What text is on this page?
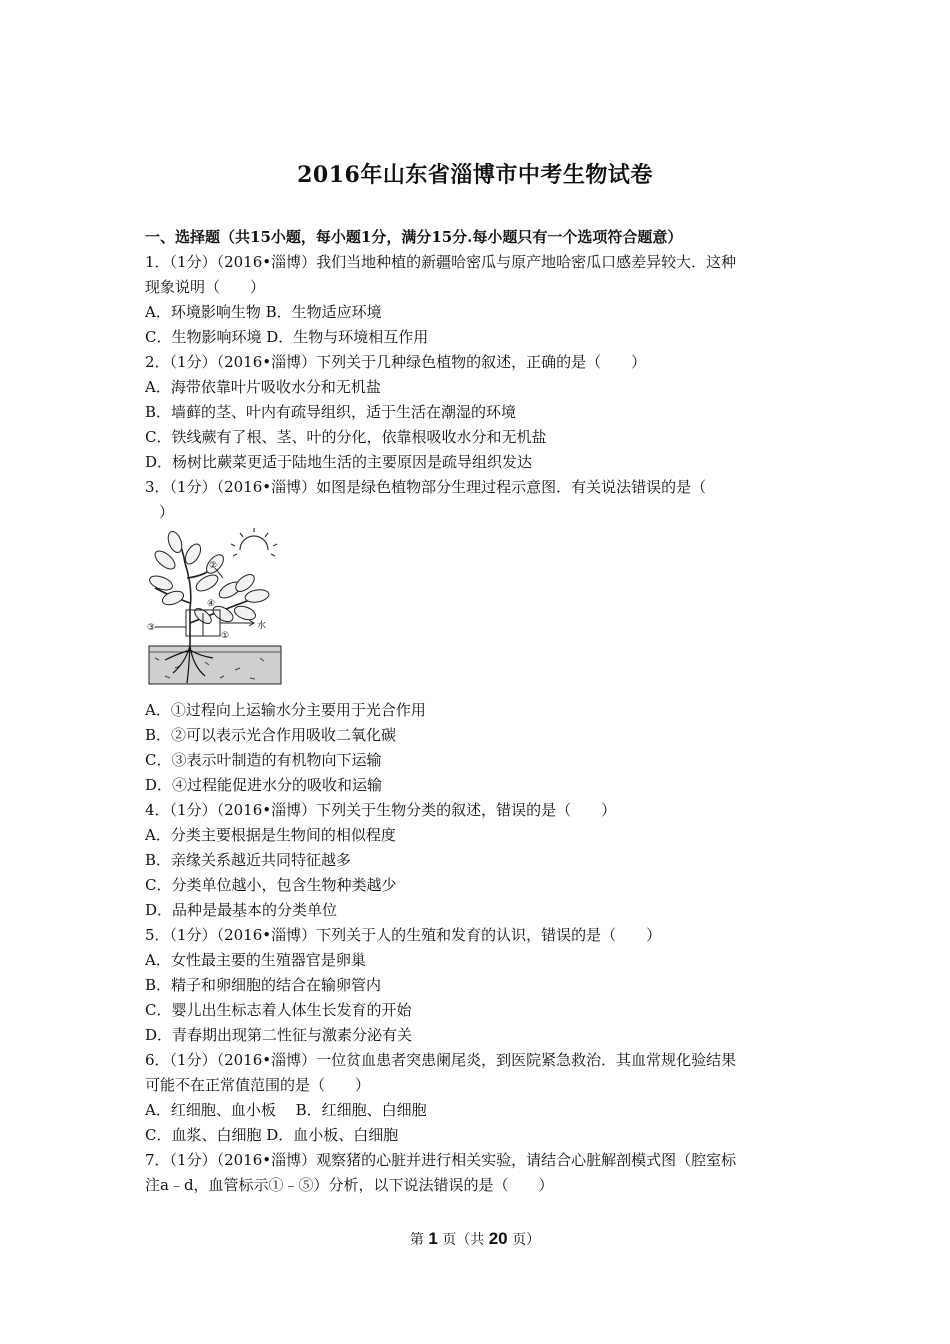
2016年山东省淄博市中考生物试卷
一、选择题（共15小题，每小题1分，满分15分.每小题只有一个选项符合题意）
1．（1分）（2016•淄博）我们当地种植的新疆哈密瓜与原产地哈密瓜口感差异较大．这种
现象说明（　　）
A．环境影响生物 B．生物适应环境
C．生物影响环境 D．生物与环境相互作用
2．（1分）（2016•淄博）下列关于几种绿色植物的叙述，正确的是（　　）
A．海带依靠叶片吸收水分和无机盐
B．墙藓的茎、叶内有疏导组织，适于生活在潮湿的环境
C．铁线蕨有了根、茎、叶的分化，依靠根吸收水分和无机盐
D．杨树比蕨菜更适于陆地生活的主要原因是疏导组织发达
3．（1分）（2016•淄博）如图是绿色植物部分生理过程示意图．有关说法错误的是（
）
②
④
③
①
水
A．①过程向上运输水分主要用于光合作用
B．②可以表示光合作用吸收二氧化碳
C．③表示叶制造的有机物向下运输
D．④过程能促进水分的吸收和运输
4．（1分）（2016•淄博）下列关于生物分类的叙述，错误的是（　　）
A．分类主要根据是生物间的相似程度
B．亲缘关系越近共同特征越多
C．分类单位越小，包含生物种类越少
D．品种是最基本的分类单位
5．（1分）（2016•淄博）下列关于人的生殖和发育的认识，错误的是（　　）
A．女性最主要的生殖器官是卵巢
B．精子和卵细胞的结合在输卵管内
C．婴儿出生标志着人体生长发育的开始
D．青春期出现第二性征与激素分泌有关
6．（1分）（2016•淄博）一位贫血患者突患阑尾炎，到医院紧急救治．其血常规化验结果
可能不在正常值范围的是（　　）
A．红细胞、血小板　 B．红细胞、白细胞
C．血浆、白细胞 D．血小板、白细胞
7．（1分）（2016•淄博）观察猪的心脏并进行相关实验，请结合心脏解剖模式图（腔室标
注a﹣d，血管标示①﹣⑤）分析，以下说法错误的是（　　）
第 1 页（共 20 页）
